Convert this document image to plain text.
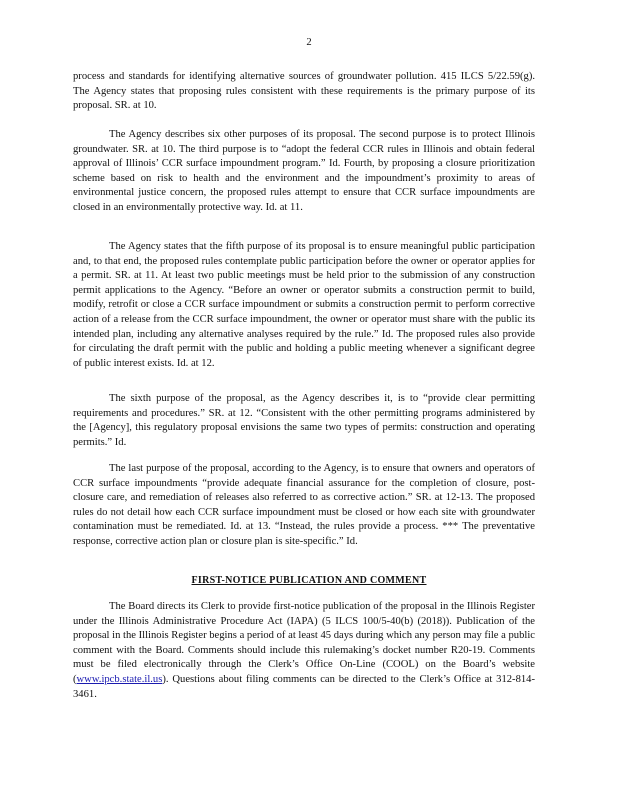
2

process and standards for identifying alternative sources of groundwater pollution. 415 ILCS 5/22.59(g). The Agency states that proposing rules consistent with these requirements is the primary purpose of its proposal. SR. at 10.

The Agency describes six other purposes of its proposal. The second purpose is to protect Illinois groundwater. SR. at 10. The third purpose is to “adopt the federal CCR rules in Illinois and obtain federal approval of Illinois’ CCR surface impoundment program.” Id. Fourth, by proposing a closure prioritization scheme based on risk to health and the environment and the impoundment’s proximity to areas of environmental justice concern, the proposed rules attempt to ensure that CCR surface impoundments are closed in an environmentally protective way. Id. at 11.

The Agency states that the fifth purpose of its proposal is to ensure meaningful public participation and, to that end, the proposed rules contemplate public participation before the owner or operator applies for a permit. SR. at 11. At least two public meetings must be held prior to the submission of any construction permit applications to the Agency. “Before an owner or operator submits a construction permit to build, modify, retrofit or close a CCR surface impoundment or submits a construction permit to perform corrective action of a release from the CCR surface impoundment, the owner or operator must share with the public its intended plan, including any alternative analyses required by the rule.” Id. The proposed rules also provide for circulating the draft permit with the public and holding a public meeting whenever a significant degree of public interest exists. Id. at 12.

The sixth purpose of the proposal, as the Agency describes it, is to “provide clear permitting requirements and procedures.” SR. at 12. “Consistent with the other permitting programs administered by the [Agency], this regulatory proposal envisions the same two types of permits: construction and operating permits.” Id.

The last purpose of the proposal, according to the Agency, is to ensure that owners and operators of CCR surface impoundments “provide adequate financial assurance for the completion of closure, post-closure care, and remediation of releases also referred to as corrective action.” SR. at 12-13. The proposed rules do not detail how each CCR surface impoundment must be closed or how each site with groundwater contamination must be remediated. Id. at 13. “Instead, the rules provide a process. *** The preventative response, corrective action plan or closure plan is site-specific.” Id.

FIRST-NOTICE PUBLICATION AND COMMENT

The Board directs its Clerk to provide first-notice publication of the proposal in the Illinois Register under the Illinois Administrative Procedure Act (IAPA) (5 ILCS 100/5-40(b) (2018)). Publication of the proposal in the Illinois Register begins a period of at least 45 days during which any person may file a public comment with the Board. Comments should include this rulemaking’s docket number R20-19. Comments must be filed electronically through the Clerk’s Office On-Line (COOL) on the Board’s website (www.ipcb.state.il.us). Questions about filing comments can be directed to the Clerk’s Office at 312-814-3461.
